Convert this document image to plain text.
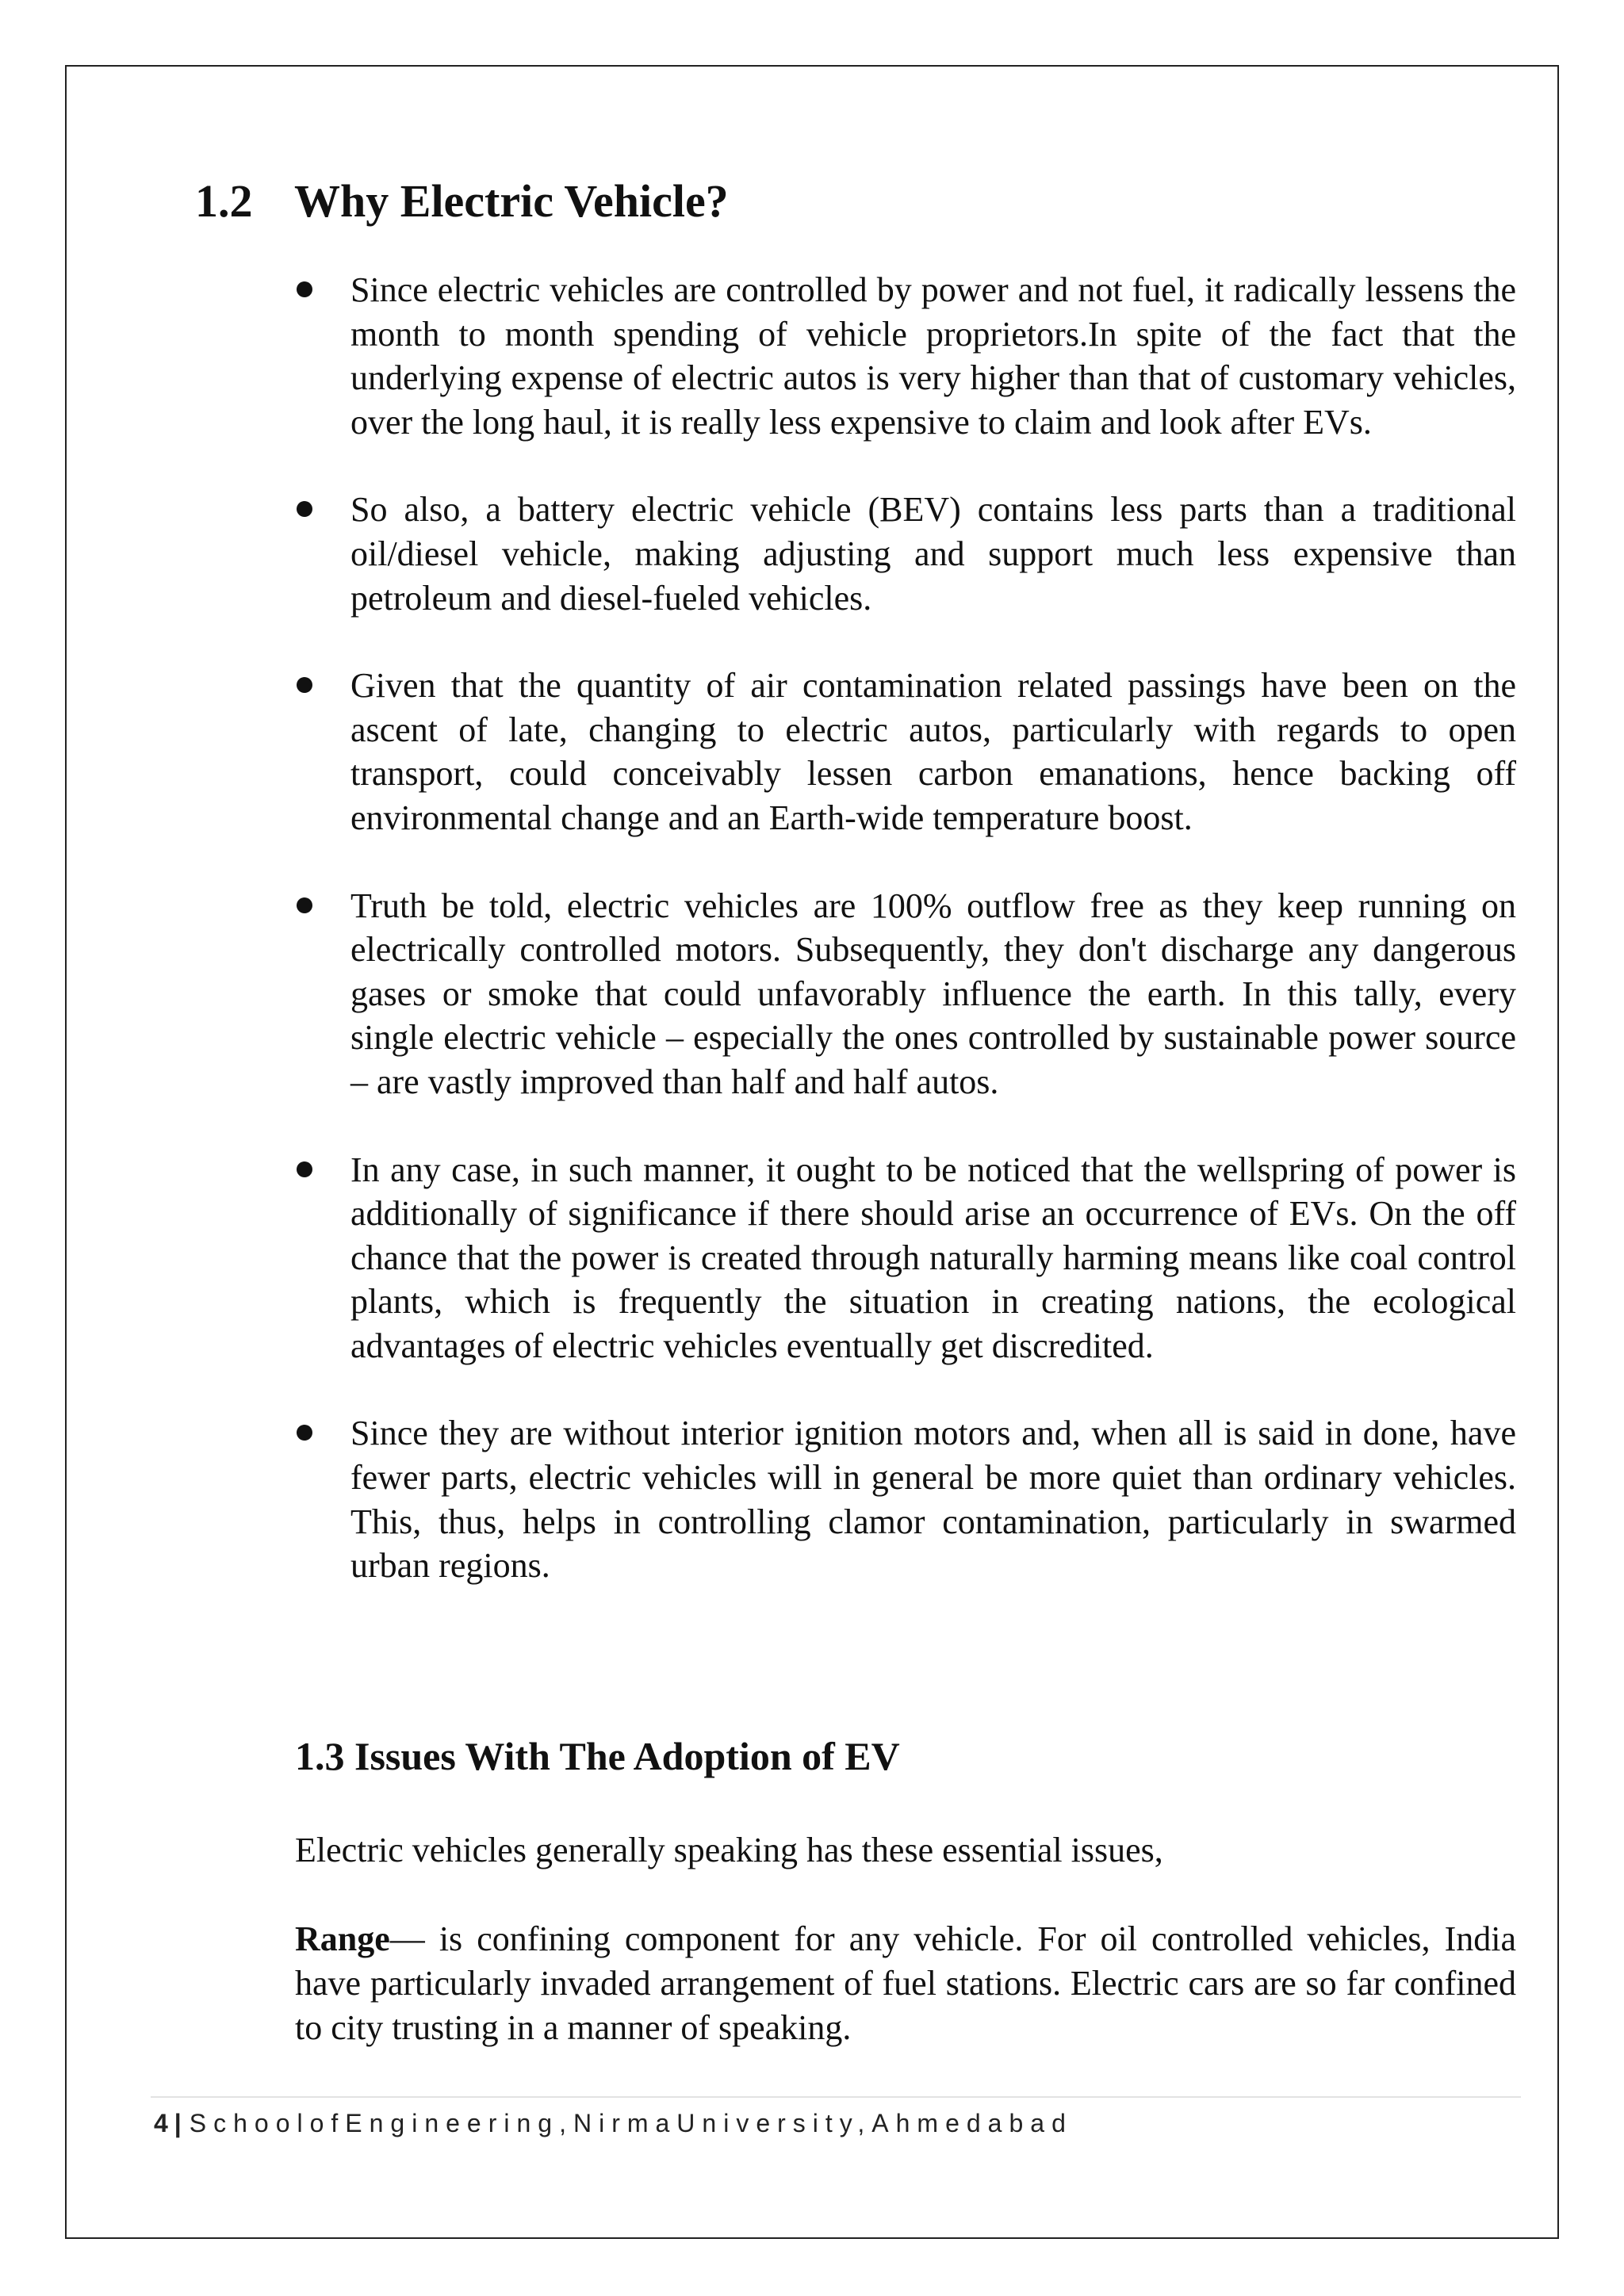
1.2 Why Electric Vehicle?
Since electric vehicles are controlled by power and not fuel, it radically lessens the month to month spending of vehicle proprietors.In spite of the fact that the underlying expense of electric autos is very higher than that of customary vehicles, over the long haul, it is really less expensive to claim and look after EVs.
So also, a battery electric vehicle (BEV) contains less parts than a traditional oil/diesel vehicle, making adjusting and support much less expensive than petroleum and diesel-fueled vehicles.
Given that the quantity of air contamination related passings have been on the ascent of late, changing to electric autos, particularly with regards to open transport, could conceivably lessen carbon emanations, hence backing off environmental change and an Earth-wide temperature boost.
Truth be told, electric vehicles are 100% outflow free as they keep running on electrically controlled motors. Subsequently, they don't discharge any dangerous gases or smoke that could unfavorably influence the earth. In this tally, every single electric vehicle – especially the ones controlled by sustainable power source – are vastly improved than half and half autos.
In any case, in such manner, it ought to be noticed that the wellspring of power is additionally of significance if there should arise an occurrence of EVs. On the off chance that the power is created through naturally harming means like coal control plants, which is frequently the situation in creating nations, the ecological advantages of electric vehicles eventually get discredited.
Since they are without interior ignition motors and, when all is said in done, have fewer parts, electric vehicles will in general be more quiet than ordinary vehicles. This, thus, helps in controlling clamor contamination, particularly in swarmed urban regions.
1.3 Issues With The Adoption of EV
Electric vehicles generally speaking has these essential issues,
Range— is confining component for any vehicle. For oil controlled vehicles, India have particularly invaded arrangement of fuel stations. Electric cars are so far confined to city trusting in a manner of speaking.
4 | SchoolofEngineering,NirmaUniversity,Ahmedabad
